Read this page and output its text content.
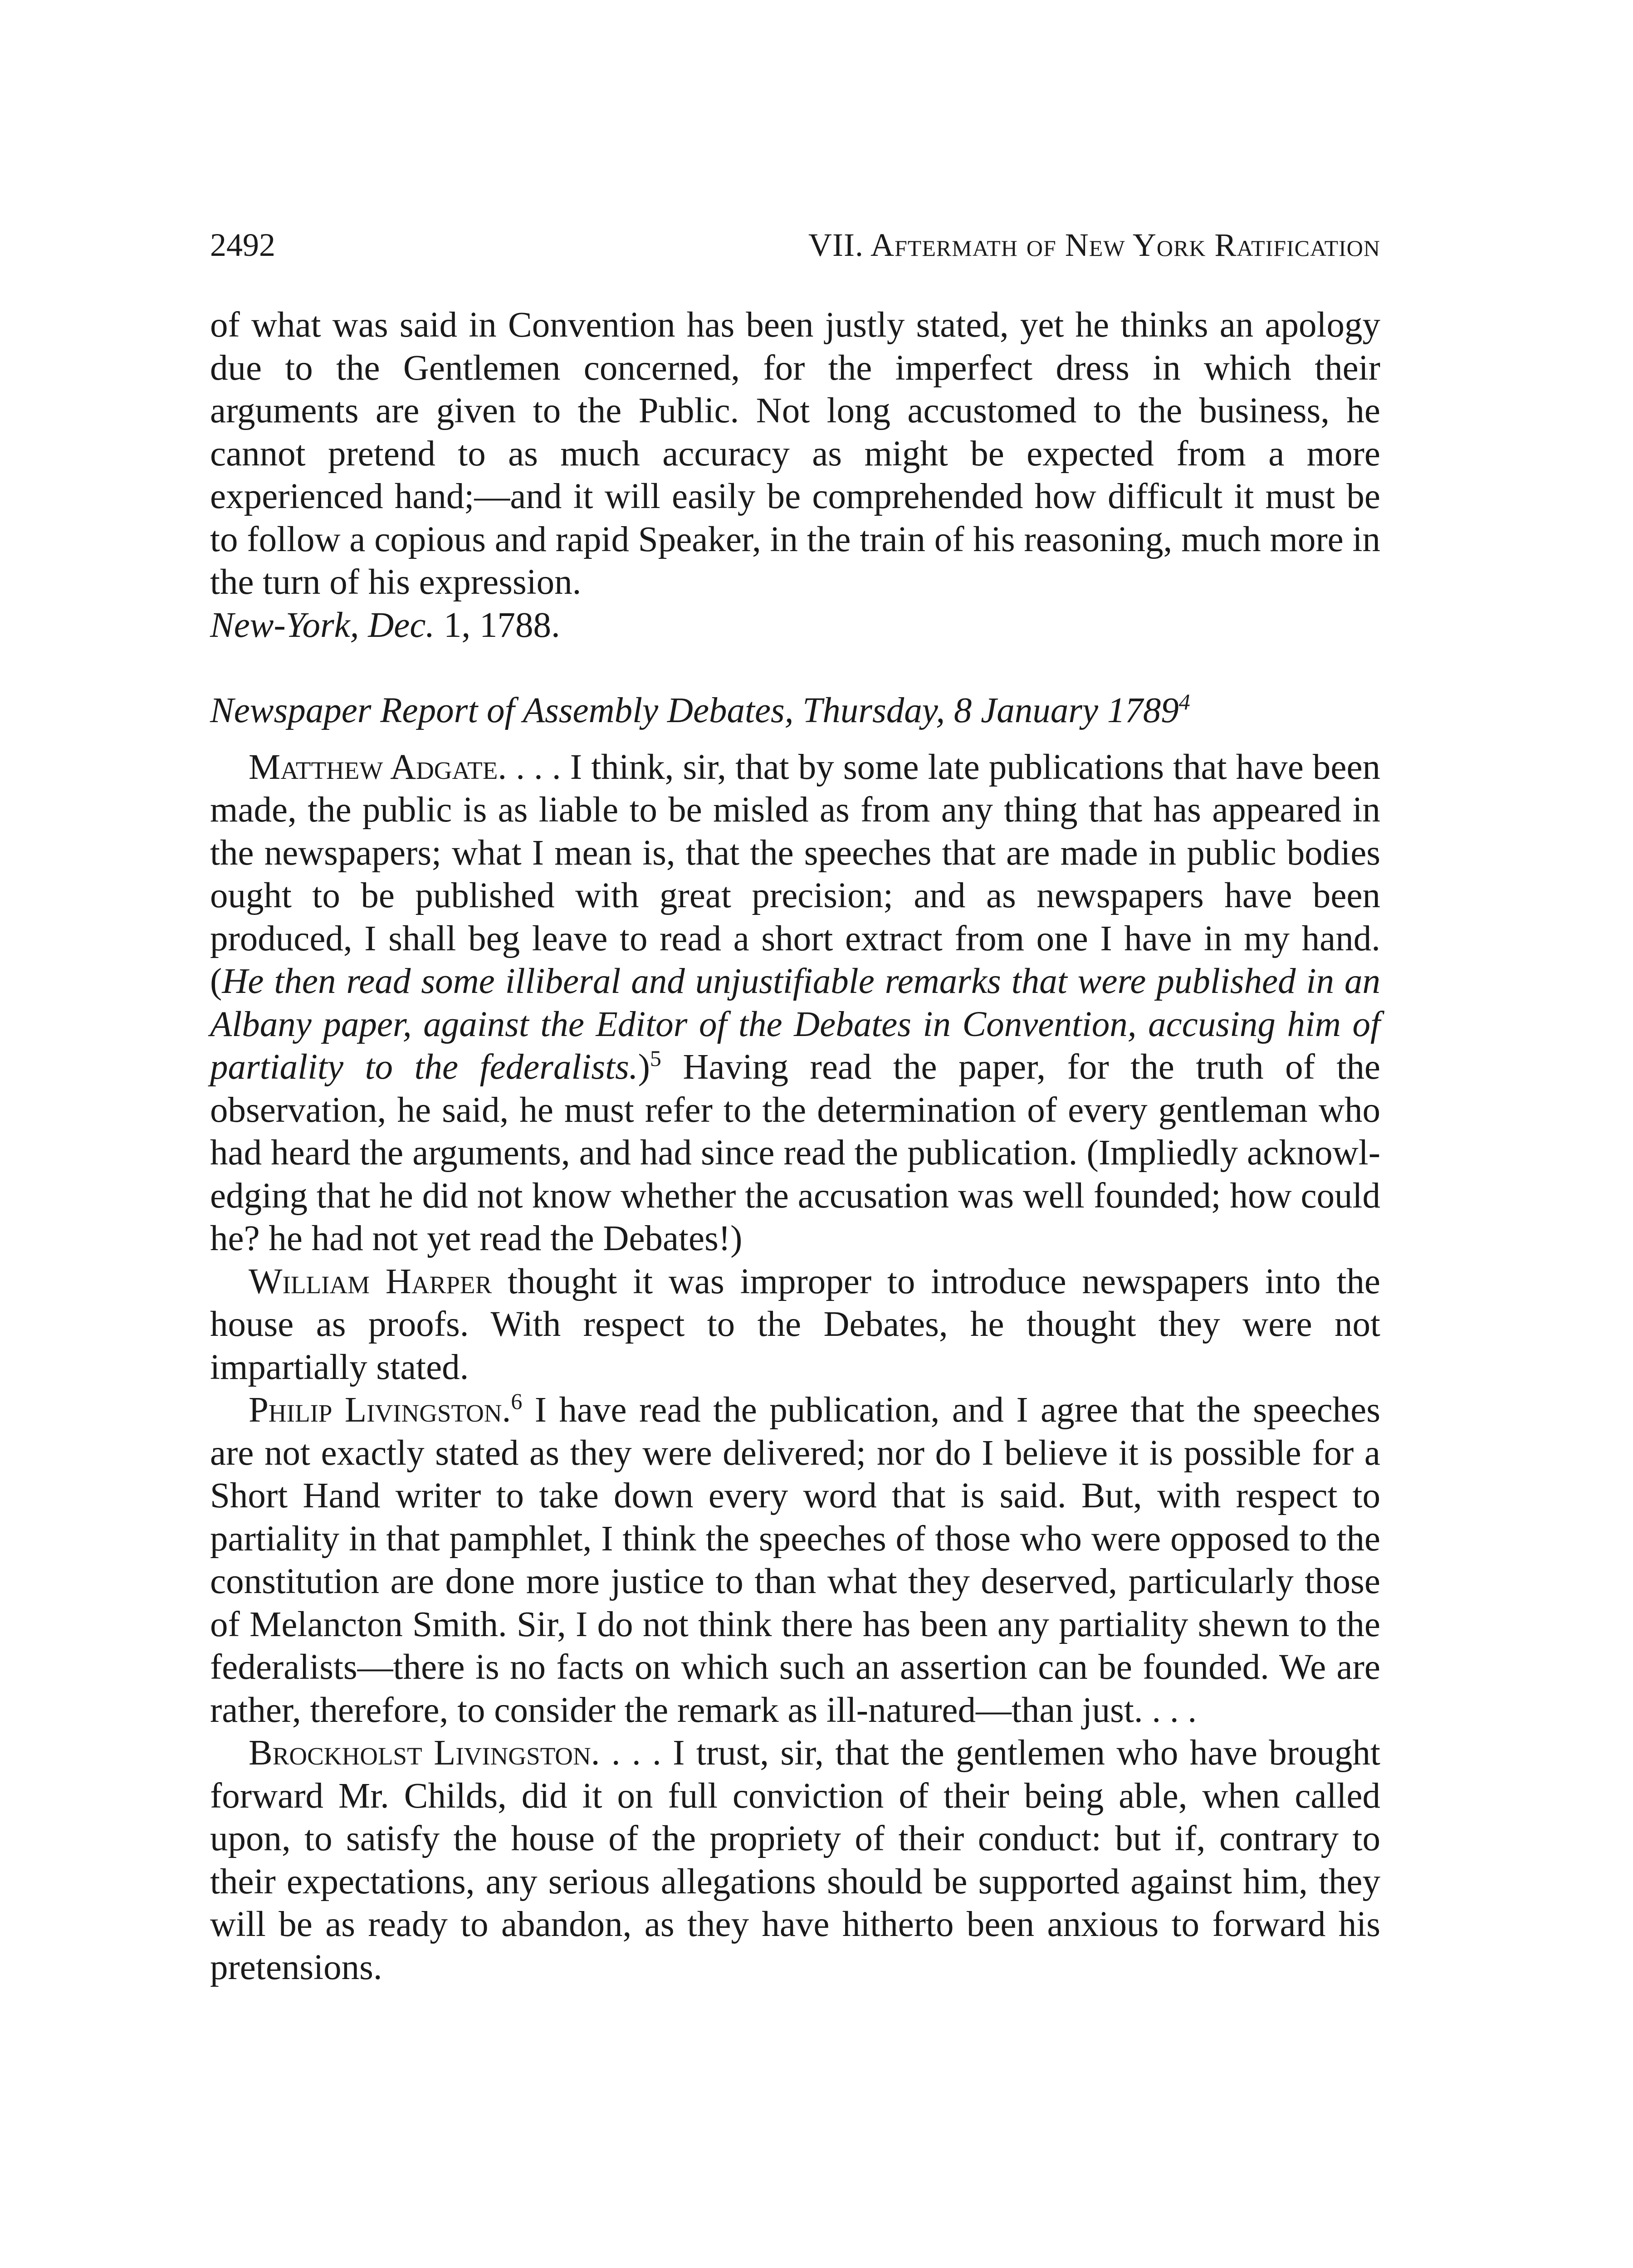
2492	VII. Aftermath of New York Ratification

of what was said in Convention has been justly stated, yet he thinks an apology due to the Gentlemen concerned, for the imperfect dress in which their arguments are given to the Public. Not long accustomed to the business, he cannot pretend to as much accuracy as might be expected from a more experienced hand;—and it will easily be comprehended how difficult it must be to follow a copious and rapid Speaker, in the train of his reasoning, much more in the turn of his expression.

New-York, Dec. 1, 1788.

Newspaper Report of Assembly Debates, Thursday, 8 January 1789$^4$

Matthew Adgate. . . . I think, sir, that by some late publications that have been made, the public is as liable to be misled as from any thing that has appeared in the newspapers; what I mean is, that the speeches that are made in public bodies ought to be published with great precision; and as newspapers have been produced, I shall beg leave to read a short extract from one I have in my hand. (He then read some illiberal and unjustifiable remarks that were published in an Albany paper, against the Editor of the Debates in Convention, accusing him of partiality to the federalists.)$^5$ Having read the paper, for the truth of the observation, he said, he must refer to the determination of every gentleman who had heard the arguments, and had since read the publication. (Impliedly acknowledging that he did not know whether the accusation was well founded; how could he? he had not yet read the Debates!)

William Harper thought it was improper to introduce newspapers into the house as proofs. With respect to the Debates, he thought they were not impartially stated.

Philip Livingston.$^6$ I have read the publication, and I agree that the speeches are not exactly stated as they were delivered; nor do I believe it is possible for a Short Hand writer to take down every word that is said. But, with respect to partiality in that pamphlet, I think the speeches of those who were opposed to the constitution are done more justice to than what they deserved, particularly those of Melancton Smith. Sir, I do not think there has been any partiality shewn to the federalists—there is no facts on which such an assertion can be founded. We are rather, therefore, to consider the remark as ill-natured—than just. . . .

Brockholst Livingston. . . . I trust, sir, that the gentlemen who have brought forward Mr. Childs, did it on full conviction of their being able, when called upon, to satisfy the house of the propriety of their conduct: but if, contrary to their expectations, any serious allegations should be supported against him, they will be as ready to abandon, as they have hitherto been anxious to forward his pretensions.
